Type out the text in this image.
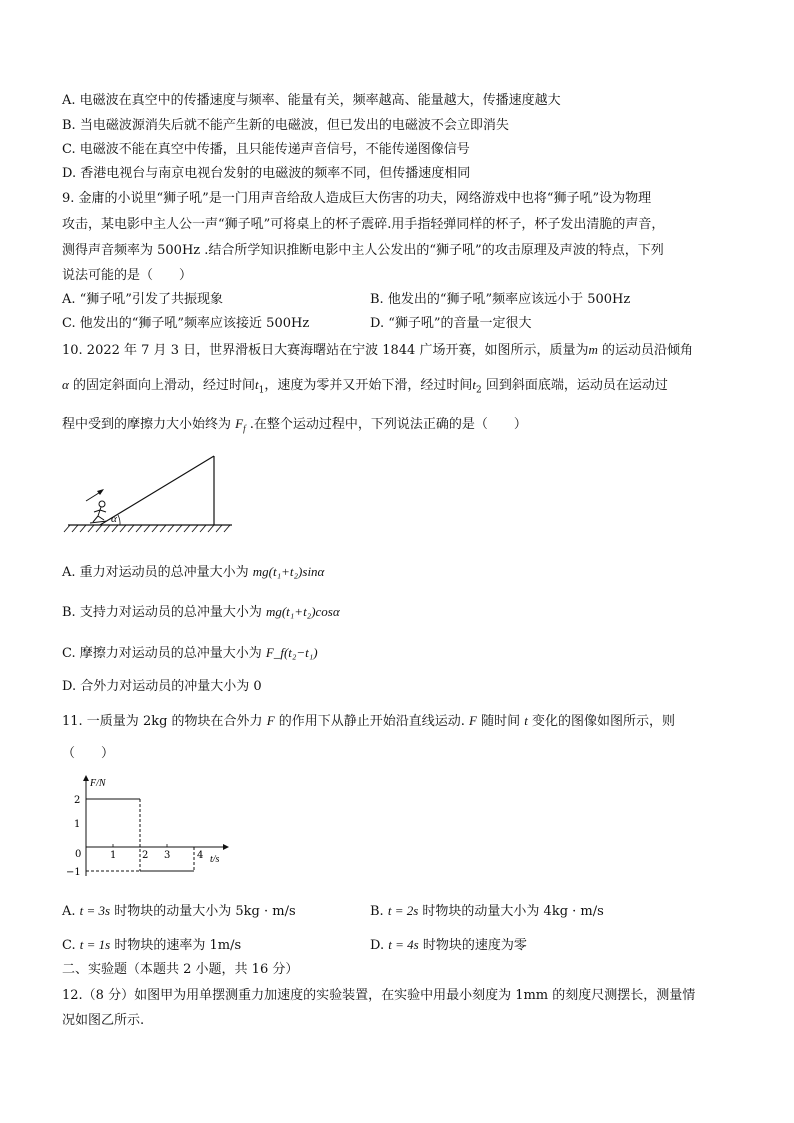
A. 电磁波在真空中的传播速度与频率、能量有关，频率越高、能量越大，传播速度越大
B. 当电磁波源消失后就不能产生新的电磁波，但已发出的电磁波不会立即消失
C. 电磁波不能在真空中传播，且只能传递声音信号，不能传递图像信号
D. 香港电视台与南京电视台发射的电磁波的频率不同，但传播速度相同
9. 金庸的小说里“狮子吼”是一门用声音给敌人造成巨大伤害的功夫，网络游戏中也将“狮子吼”设为物理
攻击，某电影中主人公一声“狮子吼”可将桌上的杯子震碎.用手指轻弹同样的杯子，杯子发出清脆的声音，
测得声音频率为 500Hz .结合所学知识推断电影中主人公发出的“狮子吼”的攻击原理及声波的特点，下列
说法可能的是（　　）
A. “狮子吼”引发了共振现象	B. 他发出的“狮子吼”频率应该远小于 500Hz
C. 他发出的“狮子吼”频率应该接近 500Hz	D. “狮子吼”的音量一定很大
10. 2022 年 7 月 3 日，世界滑板日大赛海曙站在宁波 1844 广场开赛，如图所示，质量为m 的运动员沿倾角
α 的固定斜面向上滑动，经过时间$t_1$，速度为零并又开始下滑，经过时间$t_2$ 回到斜面底端，运动员在运动过
程中受到的摩擦力大小始终为 $F_f$ .在整个运动过程中，下列说法正确的是（　　）
α
A. 重力对运动员的总冲量大小为 mg(t₁+t₂)sinα
B. 支持力对运动员的总冲量大小为 mg(t₁+t₂)cosα
C. 摩擦力对运动员的总冲量大小为 F_f(t₂−t₁)
D. 合外力对运动员的冲量大小为 0
11. 一质量为 2kg 的物块在合外力 F 的作用下从静止开始沿直线运动. F 随时间 t 变化的图像如图所示，则
（　　）
F/N
t/s
0
2
1
−1
1	2 3	4
A. t = 3s 时物块的动量大小为 5kg · m/s	B. t = 2s 时物块的动量大小为 4kg · m/s
C. t = 1s 时物块的速率为 1m/s	D. t = 4s 时物块的速度为零
二、实验题（本题共 2 小题，共 16 分）
12.（8 分）如图甲为用单摆测重力加速度的实验装置，在实验中用最小刻度为 1mm 的刻度尺测摆长，测量情
况如图乙所示.
